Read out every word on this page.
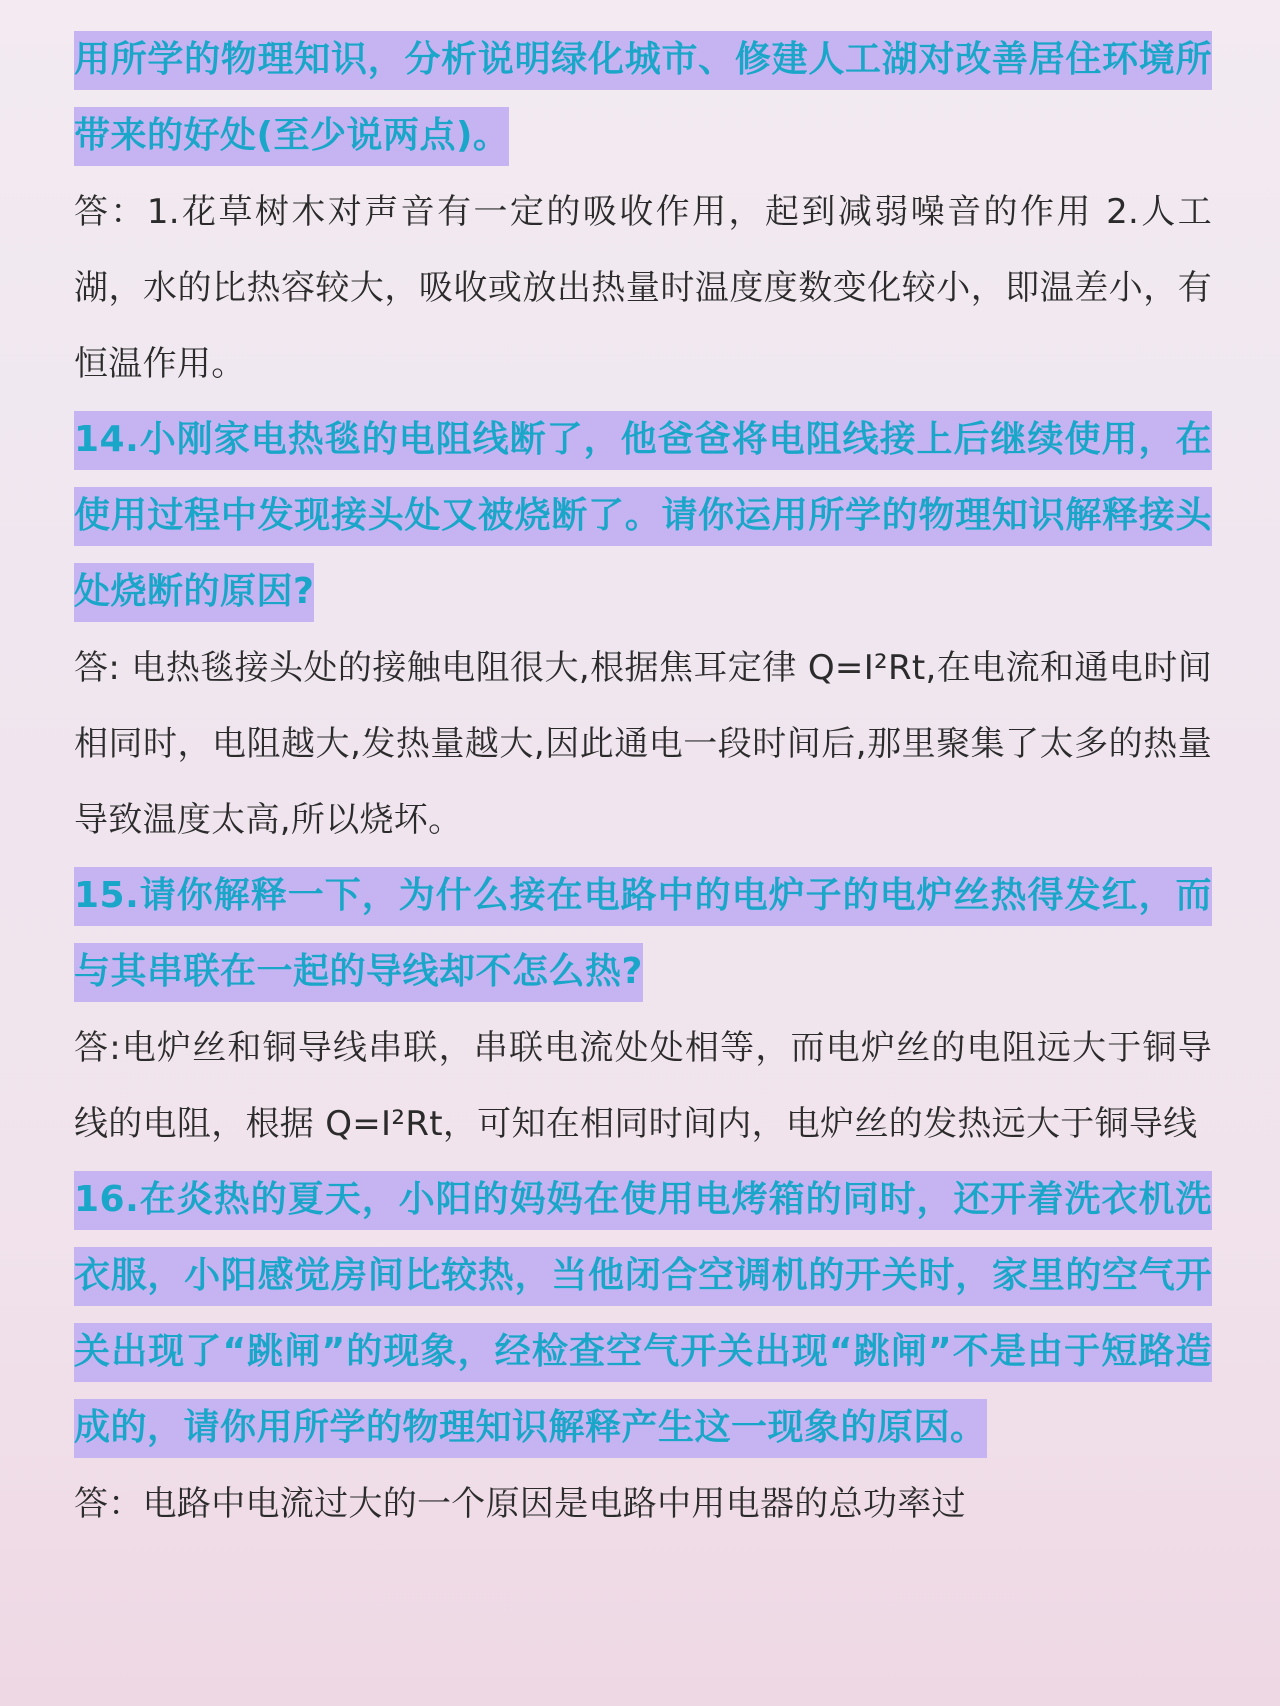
用所学的物理知识，分析说明绿化城市、修建人工湖对改善居住环境所带来的好处(至少说两点)。

答：1.花草树木对声音有一定的吸收作用，起到减弱噪音的作用 2.人工湖，水的比热容较大，吸收或放出热量时温度度数变化较小，即温差小，有恒温作用。

14.小刚家电热毯的电阻线断了，他爸爸将电阻线接上后继续使用，在使用过程中发现接头处又被烧断了。请你运用所学的物理知识解释接头处烧断的原因?

答: 电热毯接头处的接触电阻很大,根据焦耳定律 Q=I²Rt,在电流和通电时间相同时，电阻越大,发热量越大,因此通电一段时间后,那里聚集了太多的热量导致温度太高,所以烧坏。

15.请你解释一下，为什么接在电路中的电炉子的电炉丝热得发红，而与其串联在一起的导线却不怎么热?

答:电炉丝和铜导线串联，串联电流处处相等，而电炉丝的电阻远大于铜导线的电阻，根据 Q=I²Rt，可知在相同时间内，电炉丝的发热远大于铜导线

16.在炎热的夏天，小阳的妈妈在使用电烤箱的同时，还开着洗衣机洗衣服，小阳感觉房间比较热，当他闭合空调机的开关时，家里的空气开关出现了“跳闸”的现象，经检查空气开关出现“跳闸”不是由于短路造成的，请你用所学的物理知识解释产生这一现象的原因。

答：电路中电流过大的一个原因是电路中用电器的总功率过
